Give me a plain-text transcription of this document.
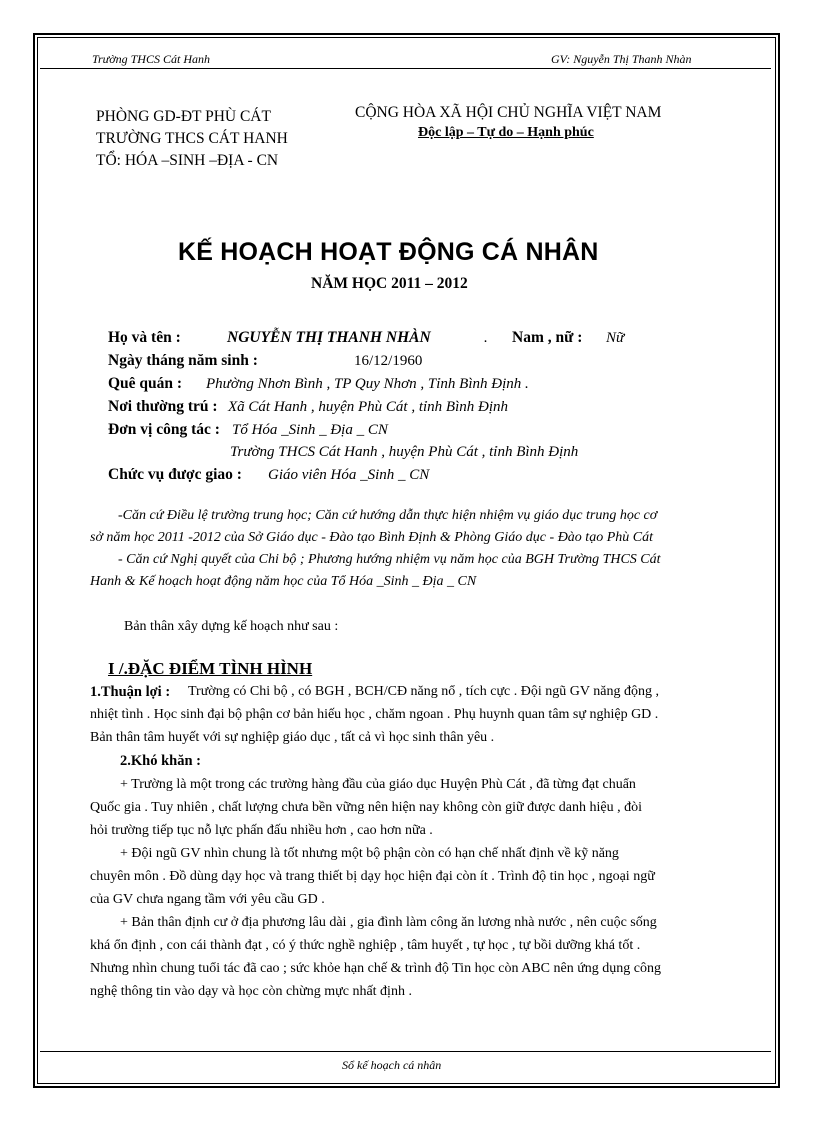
Trường THCS Cát Hanh	GV: Nguyễn Thị Thanh Nhàn
PHÒNG GD-ĐT PHÙ CÁT
TRƯỜNG THCS CÁT HANH
TỔ: HÓA –SINH –ĐỊA - CN
CỘNG HÒA XÃ HỘI CHỦ NGHĨA VIỆT NAM
Độc lập – Tự do – Hạnh phúc
KẾ HOẠCH HOẠT ĐỘNG CÁ NHÂN
NĂM HỌC 2011 – 2012
Họ và tên :	NGUYỄN THỊ THANH NHÀN	. Nam , nữ : Nữ
Ngày tháng năm sinh :	16/12/1960
Quê quán : Phường Nhơn Bình , TP Quy Nhơn , Tỉnh Bình Định .
Nơi thường trú : Xã Cát Hanh , huyện Phù Cát , tỉnh Bình Định
Đơn vị công tác : Tổ Hóa _Sinh _ Địa _ CN
Trường THCS Cát Hanh , huyện Phù Cát , tỉnh Bình Định
Chức vụ được giao : Giáo viên Hóa _Sinh _ CN
-Căn cứ Điều lệ trường trung học; Căn cứ hướng dẫn thực hiện nhiệm vụ giáo dục trung học cơ
sở năm học 2011 -2012 của Sở Giáo dục - Đào tạo Bình Định & Phòng Giáo dục - Đào tạo Phù Cát
- Căn cứ Nghị quyết của Chi bộ ; Phương hướng nhiệm vụ năm học của BGH Trường THCS Cát
Hanh & Kế hoạch hoạt động năm học của Tổ Hóa _Sinh _ Địa _ CN
Bản thân xây dựng kế hoạch như sau :
I /.ĐẶC ĐIỂM TÌNH HÌNH
1.Thuận lợi : Trường có Chi bộ , có BGH , BCH/CĐ năng nổ , tích cực . Đội ngũ GV năng động ,
nhiệt tình . Học sinh đại bộ phận cơ bản hiếu học , chăm ngoan . Phụ huynh quan tâm sự nghiệp GD .
Bản thân tâm huyết với sự nghiệp giáo dục , tất cả vì học sinh thân yêu .
2.Khó khăn :
+ Trường là một trong các trường hàng đầu của giáo dục Huyện Phù Cát , đã từng đạt chuẩn
Quốc gia . Tuy nhiên , chất lượng chưa bền vững nên hiện nay không còn giữ được danh hiệu , đòi
hỏi trường tiếp tục nỗ lực phấn đấu nhiều hơn , cao hơn nữa .
+ Đội ngũ GV nhìn chung là tốt nhưng một bộ phận còn có hạn chế nhất định về kỹ năng
chuyên môn . Đồ dùng dạy học và trang thiết bị dạy học hiện đại còn ít . Trình độ tin học , ngoại ngữ
của GV chưa ngang tầm với yêu cầu GD .
+ Bản thân định cư ở địa phương lâu dài , gia đình làm công ăn lương nhà nước , nên cuộc sống
khá ổn định , con cái thành đạt , có ý thức nghề nghiệp , tâm huyết , tự học , tự bồi dưỡng khá tốt .
Nhưng nhìn chung tuổi tác đã cao ; sức khỏe hạn chế & trình độ Tin học còn ABC nên ứng dụng công
nghệ thông tin vào dạy và học còn chừng mực nhất định .
Sổ kế hoạch cá nhân
